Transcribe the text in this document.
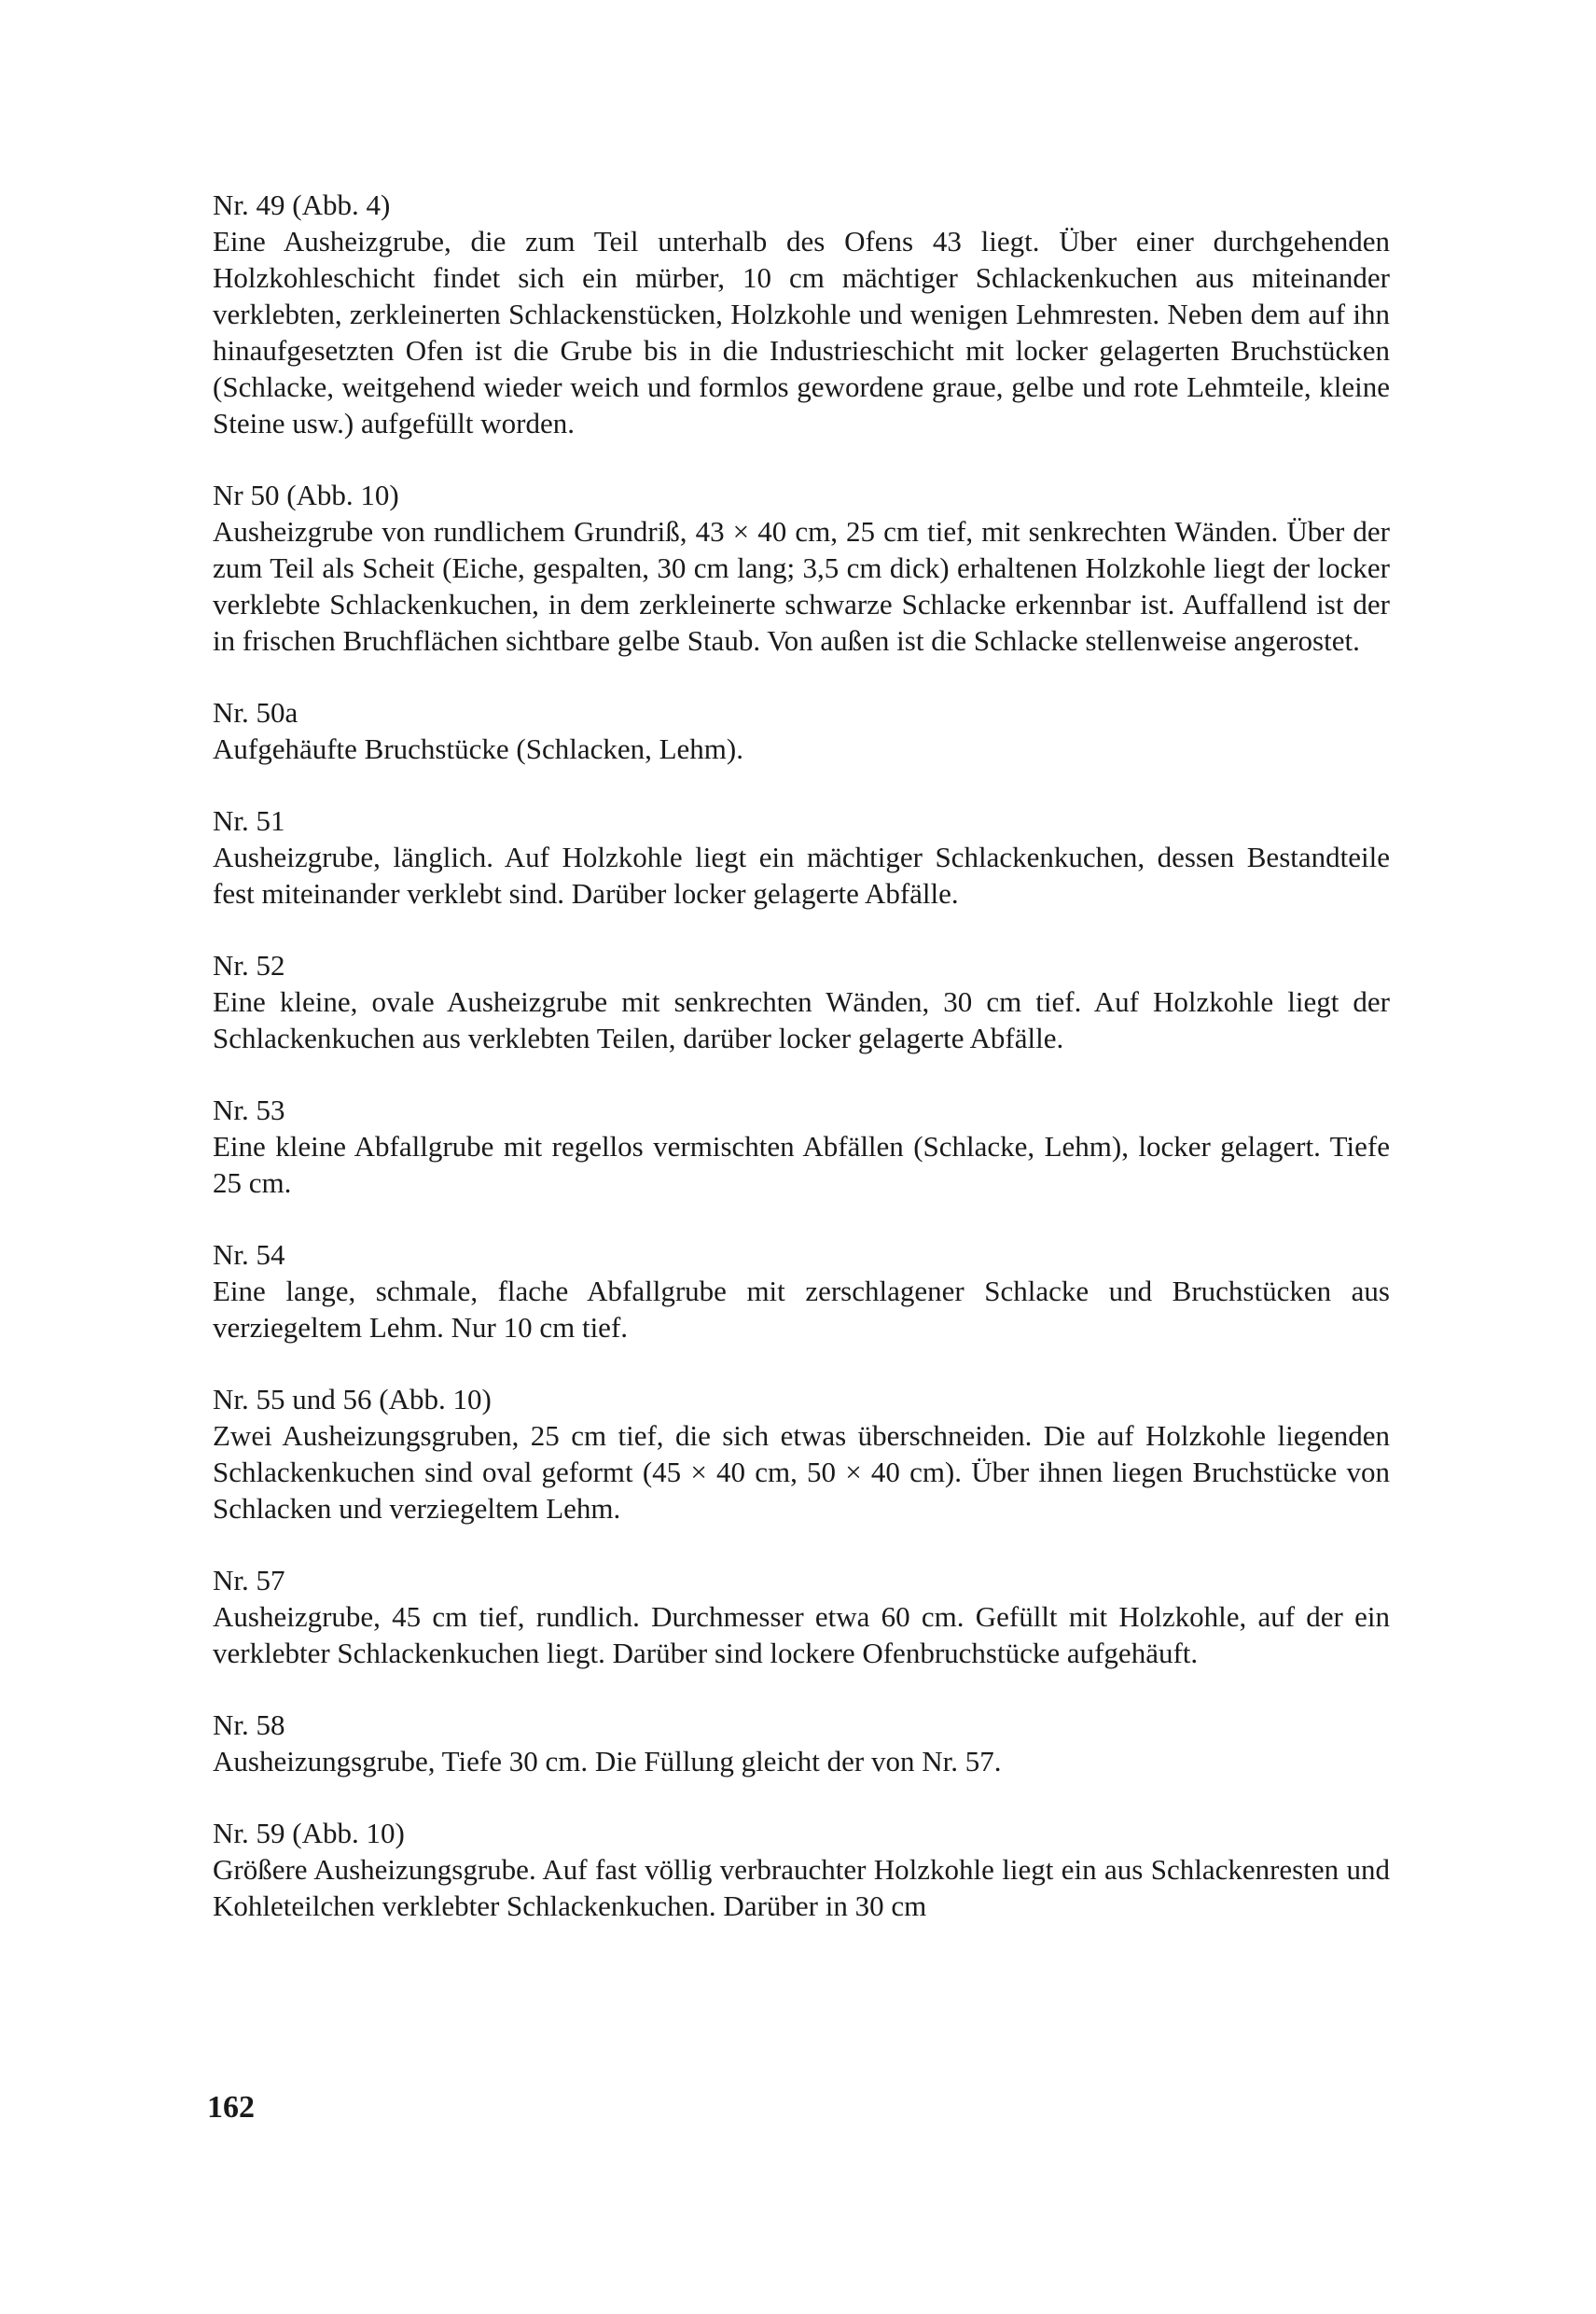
Nr. 49 (Abb. 4)

Eine Ausheizgrube, die zum Teil unterhalb des Ofens 43 liegt. Über einer durchgehenden Holzkohleschicht findet sich ein mürber, 10 cm mächtiger Schlackenkuchen aus miteinander verklebten, zerkleinerten Schlackenstücken, Holzkohle und wenigen Lehmresten. Neben dem auf ihn hinaufgesetzten Ofen ist die Grube bis in die Industrieschicht mit locker gelagerten Bruchstücken (Schlacke, weitgehend wieder weich und formlos gewordene graue, gelbe und rote Lehmteile, kleine Steine usw.) aufgefüllt worden.

Nr 50 (Abb. 10)

Ausheizgrube von rundlichem Grundriß, 43 × 40 cm, 25 cm tief, mit senkrechten Wänden. Über der zum Teil als Scheit (Eiche, gespalten, 30 cm lang; 3,5 cm dick) erhaltenen Holzkohle liegt der locker verklebte Schlackenkuchen, in dem zerkleinerte schwarze Schlacke erkennbar ist. Auffallend ist der in frischen Bruchflächen sichtbare gelbe Staub. Von außen ist die Schlacke stellenweise angerostet.

Nr. 50a

Aufgehäufte Bruchstücke (Schlacken, Lehm).

Nr. 51

Ausheizgrube, länglich. Auf Holzkohle liegt ein mächtiger Schlackenkuchen, dessen Bestandteile fest miteinander verklebt sind. Darüber locker gelagerte Abfälle.

Nr. 52

Eine kleine, ovale Ausheizgrube mit senkrechten Wänden, 30 cm tief. Auf Holzkohle liegt der Schlackenkuchen aus verklebten Teilen, darüber locker gelagerte Abfälle.

Nr. 53

Eine kleine Abfallgrube mit regellos vermischten Abfällen (Schlacke, Lehm), locker gelagert. Tiefe 25 cm.

Nr. 54

Eine lange, schmale, flache Abfallgrube mit zerschlagener Schlacke und Bruchstücken aus verziegeltem Lehm. Nur 10 cm tief.

Nr. 55 und 56 (Abb. 10)

Zwei Ausheizungsgruben, 25 cm tief, die sich etwas überschneiden. Die auf Holzkohle liegenden Schlackenkuchen sind oval geformt (45 × 40 cm, 50 × 40 cm). Über ihnen liegen Bruchstücke von Schlacken und verziegeltem Lehm.

Nr. 57

Ausheizgrube, 45 cm tief, rundlich. Durchmesser etwa 60 cm. Gefüllt mit Holzkohle, auf der ein verklebter Schlackenkuchen liegt. Darüber sind lockere Ofenbruchstücke aufgehäuft.

Nr. 58

Ausheizungsgrube, Tiefe 30 cm. Die Füllung gleicht der von Nr. 57.

Nr. 59 (Abb. 10)

Größere Ausheizungsgrube. Auf fast völlig verbrauchter Holzkohle liegt ein aus Schlackenresten und Kohleteilchen verklebter Schlackenkuchen. Darüber in 30 cm

162
